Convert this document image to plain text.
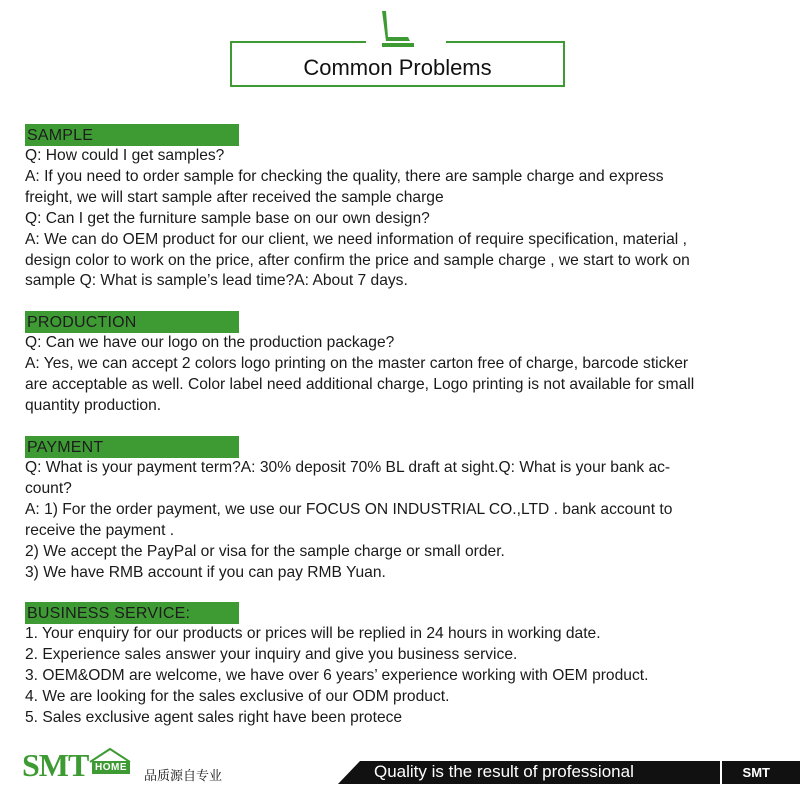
Common Problems
SAMPLE

Q: How could I get samples?

A: If you need to order sample for checking the quality, there are sample charge and express

freight, we will start sample after received the sample charge

Q: Can I get the furniture sample base on our own design?

A: We can do OEM product for our client, we need information of require specification, material ,

design color to work on the price, after confirm the price and sample charge , we start to work on

sample Q: What is sample’s lead time?A: About 7 days.

PRODUCTION

Q: Can we have our logo on the production package?

A: Yes, we can accept 2 colors logo printing on the master carton free of charge, barcode sticker

are acceptable as well. Color label need additional charge, Logo printing is not available for small

quantity production.

PAYMENT

Q: What is your payment term?A: 30% deposit 70% BL draft at sight.Q: What is your bank ac-

count?

A: 1) For the order payment, we use our FOCUS ON INDUSTRIAL CO.,LTD . bank account to

receive the payment .

2) We accept the PayPal or visa for the sample charge or small order.

3) We have RMB account if you can pay RMB Yuan.

BUSINESS SERVICE:

1. Your enquiry for our products or prices will be replied in 24 hours in working date.

2. Experience sales answer your inquiry and give you business service.

3. OEM&ODM are welcome, we have over 6 years’ experience working with OEM product.

4. We are looking for the sales exclusive of our ODM product.

5. Sales exclusive agent sales right have been protece

SMT HOME
品质源自专业	Quality is the result of professional	SMT
